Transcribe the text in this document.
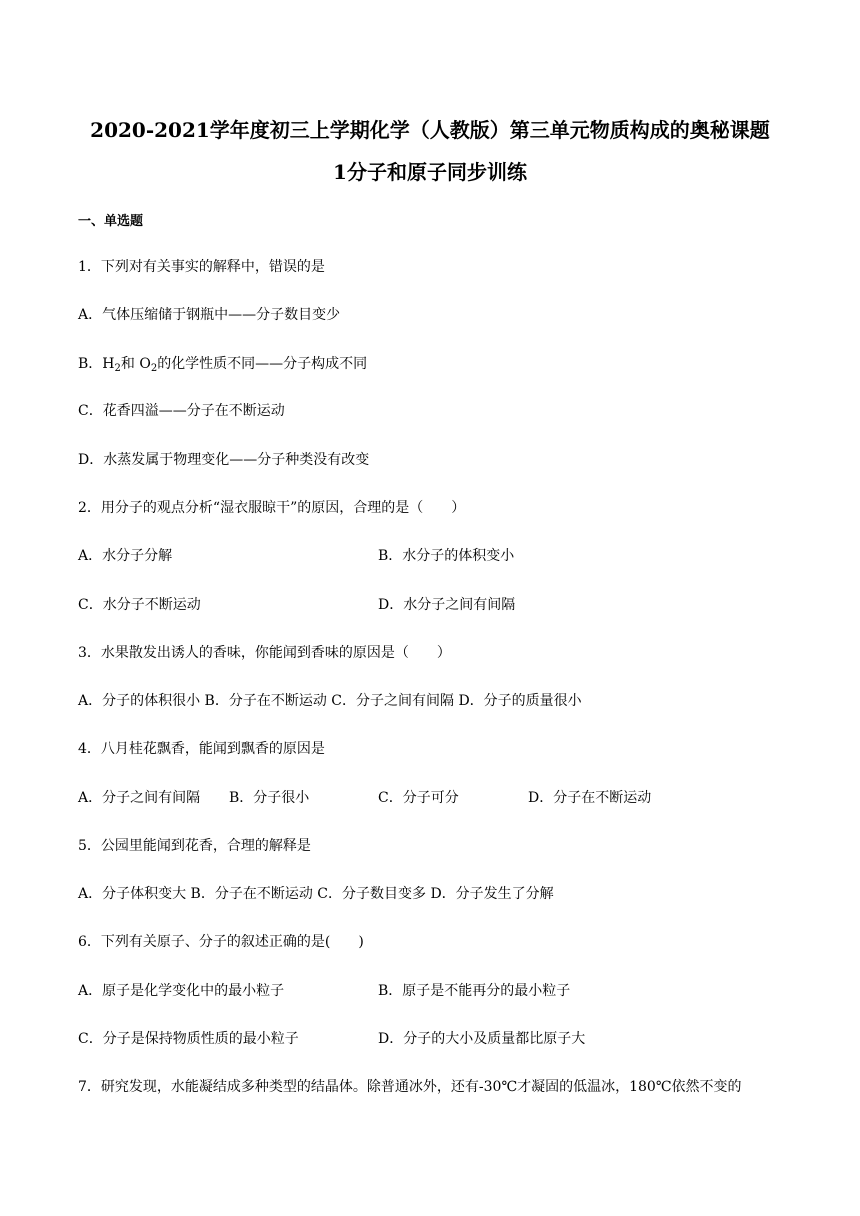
2020-2021学年度初三上学期化学（人教版）第三单元物质构成的奥秘课题
1分子和原子同步训练
一、单选题
1．下列对有关事实的解释中，错误的是
A．气体压缩储于钢瓶中——分子数目变少
B．$H_2$和 $O_2$的化学性质不同——分子构成不同
C．花香四溢——分子在不断运动
D．水蒸发属于物理变化——分子种类没有改变
2．用分子的观点分析“湿衣服晾干”的原因，合理的是（　　）
A．水分子分解	B．水分子的体积变小
C．水分子不断运动	D．水分子之间有间隔
3．水果散发出诱人的香味，你能闻到香味的原因是（　　）
A．分子的体积很小 B．分子在不断运动 C．分子之间有间隔 D．分子的质量很小
4．八月桂花飘香，能闻到飘香的原因是
A．分子之间有间隔 B．分子很小	C．分子可分	D．分子在不断运动
5．公园里能闻到花香，合理的解释是
A．分子体积变大 B．分子在不断运动 C．分子数目变多 D．分子发生了分解
6．下列有关原子、分子的叙述正确的是(　　)
A．原子是化学变化中的最小粒子	B．原子是不能再分的最小粒子
C．分子是保持物质性质的最小粒子	D．分子的大小及质量都比原子大
7．研究发现，水能凝结成多种类型的结晶体。除普通冰外，还有-30℃才凝固的低温冰，180℃依然不变的
